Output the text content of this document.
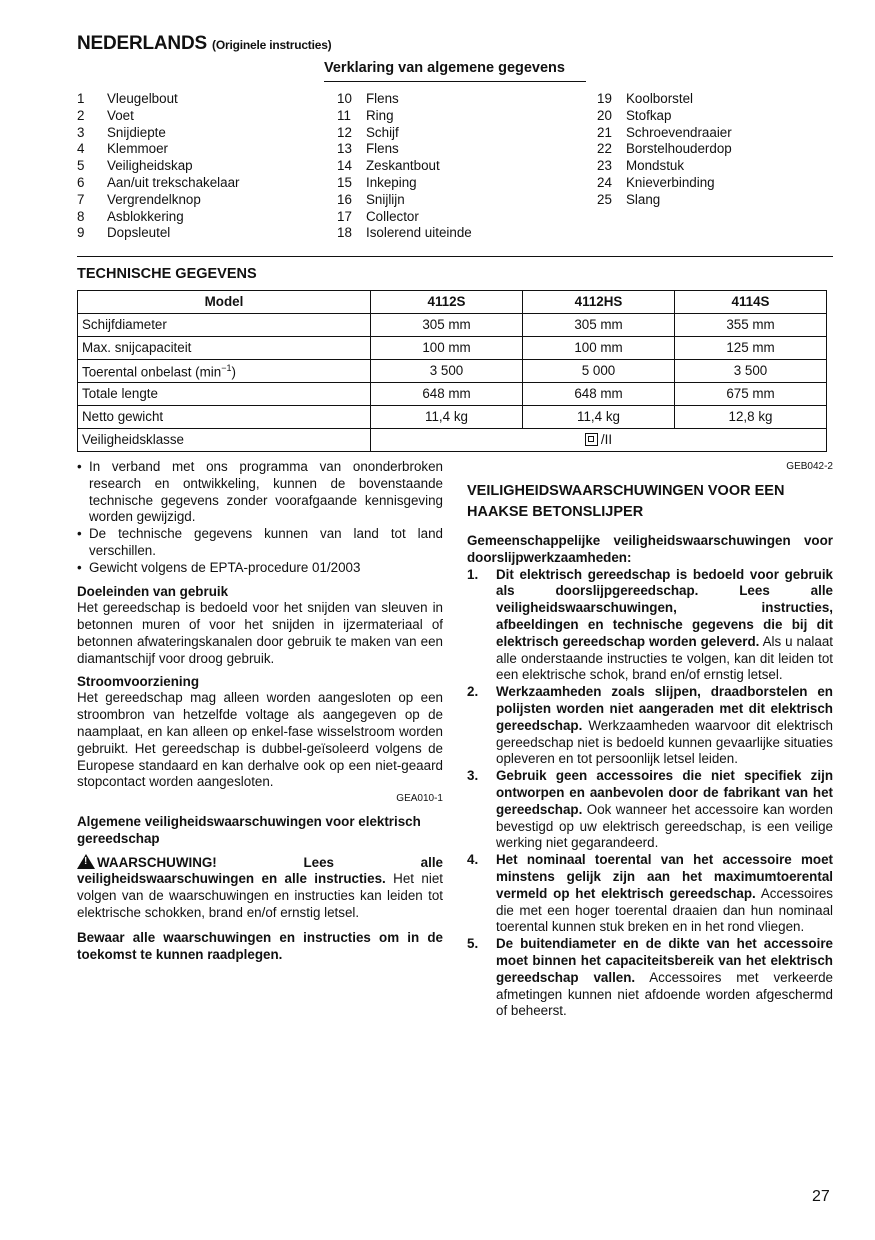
NEDERLANDS (Originele instructies)
Verklaring van algemene gegevens
1	Vleugelbout
2	Voet
3	Snijdiepte
4	Klemmoer
5	Veiligheidskap
6	Aan/uit trekschakelaar
7	Vergrendelknop
8	Asblokkering
9	Dopsleutel
10	Flens
11	Ring
12	Schijf
13	Flens
14	Zeskantbout
15	Inkeping
16	Snijlijn
17	Collector
18	Isolerend uiteinde
19	Koolborstel
20	Stofkap
21	Schroevendraaier
22	Borstelhouderdop
23	Mondstuk
24	Knieverbinding
25	Slang
TECHNISCHE GEGEVENS
Model	4112S	4112HS	4114S
Schijfdiameter	305 mm	305 mm	355 mm
Max. snijcapaciteit	100 mm	100 mm	125 mm
Toerental onbelast $(\min^{-1})$	3 500	5 000	3 500
Totale lengte	648 mm	648 mm	675 mm
Netto gewicht	11,4 kg	11,4 kg	12,8 kg
Veiligheidsklasse	/II		
• In verband met ons programma van ononderbroken research en ontwikkeling, kunnen de bovenstaande technische gegevens zonder voorafgaande kennisgeving worden gewijzigd.
• De technische gegevens kunnen van land tot land verschillen.
• Gewicht volgens de EPTA-procedure 01/2003
Doeleinden van gebruik

Het gereedschap is bedoeld voor het snijden van sleuven in betonnen muren of voor het snijden in ijzermateriaal of betonnen afwateringskanalen door gebruik te maken van een diamantschijf voor droog gebruik.

Stroomvoorziening

Het gereedschap mag alleen worden aangesloten op een stroombron van hetzelfde voltage als aangegeven op de naamplaat, en kan alleen op enkel-fase wisselstroom worden gebruikt. Het gereedschap is dubbel-geïsoleerd volgens de Europese standaard en kan derhalve ook op een niet-geaard stopcontact worden aangesloten.

GEA010-1

Algemene veiligheidswaarschuwingen voor elektrisch gereedschap

!WAARSCHUWING! Lees alle veiligheidswaarschuwingen en alle instructies. Het niet volgen van de waarschuwingen en instructies kan leiden tot elektrische schokken, brand en/of ernstig letsel.

Bewaar alle waarschuwingen en instructies om in de toekomst te kunnen raadplegen.

GEB042-2
VEILIGHEIDSWAARSCHUWINGEN VOOR EEN HAAKSE BETONSLIJPER

Gemeenschappelijke veiligheidswaarschuwingen voor doorslijpwerkzaamheden:

1. Dit elektrisch gereedschap is bedoeld voor gebruik als doorslijpgereedschap. Lees alle veiligheidswaarschuwingen, instructies, afbeeldingen en technische gegevens die bij dit elektrisch gereedschap worden geleverd. Als u nalaat alle onderstaande instructies te volgen, kan dit leiden tot een elektrische schok, brand en/of ernstig letsel.
2. Werkzaamheden zoals slijpen, draadborstelen en polijsten worden niet aangeraden met dit elektrisch gereedschap. Werkzaamheden waarvoor dit elektrisch gereedschap niet is bedoeld kunnen gevaarlijke situaties opleveren en tot persoonlijk letsel leiden.
3. Gebruik geen accessoires die niet specifiek zijn ontworpen en aanbevolen door de fabrikant van het gereedschap. Ook wanneer het accessoire kan worden bevestigd op uw elektrisch gereedschap, is een veilige werking niet gegarandeerd.
4. Het nominaal toerental van het accessoire moet minstens gelijk zijn aan het maximumtoerental vermeld op het elektrisch gereedschap. Accessoires die met een hoger toerental draaien dan hun nominaal toerental kunnen stuk breken en in het rond vliegen.
5. De buitendiameter en de dikte van het accessoire moet binnen het capaciteitsbereik van het elektrisch gereedschap vallen. Accessoires met verkeerde afmetingen kunnen niet afdoende worden afgeschermd of beheerst.
27
